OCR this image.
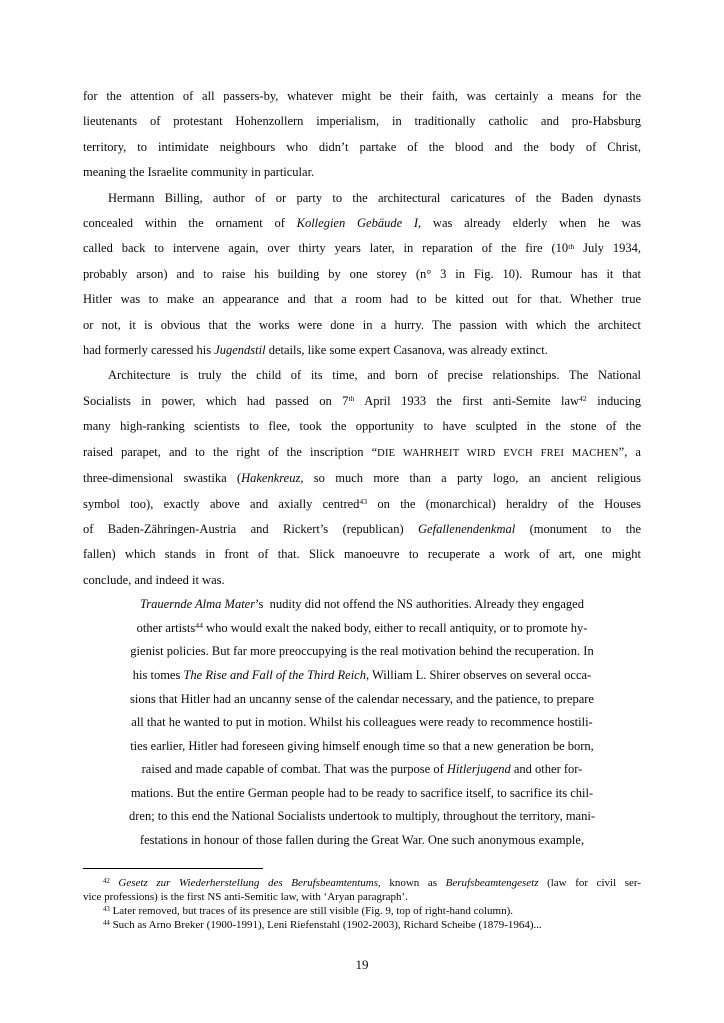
for the attention of all passers-by, whatever might be their faith, was certainly a means for the
lieutenants of protestant Hohenzollern imperialism, in traditionally catholic and pro-Habsburg
territory, to intimidate neighbours who didn’t partake of the blood and the body of Christ,
meaning the Israelite community in particular.
Hermann Billing, author of or party to the architectural caricatures of the Baden dynasts
concealed within the ornament of Kollegien Gebäude I, was already elderly when he was
called back to intervene again, over thirty years later, in reparation of the fire (10th July 1934,
probably arson) and to raise his building by one storey (n° 3 in Fig. 10). Rumour has it that
Hitler was to make an appearance and that a room had to be kitted out for that. Whether true
or not, it is obvious that the works were done in a hurry. The passion with which the architect
had formerly caressed his Jugendstil details, like some expert Casanova, was already extinct.
Architecture is truly the child of its time, and born of precise relationships. The National
Socialists in power, which had passed on 7th April 1933 the first anti-Semite law$^{42}$ inducing
many high-ranking scientists to flee, took the opportunity to have sculpted in the stone of the
raised parapet, and to the right of the inscription “DIE WAHRHEIT WIRD EVCH FREI MACHEN”, a
three-dimensional swastika (Hakenkreuz, so much more than a party logo, an ancient religious
symbol too), exactly above and axially centred$^{43}$ on the (monarchical) heraldry of the Houses
of Baden-Zähringen-Austria and Rickert’s (republican) Gefallenendenkmal (monument to the
fallen) which stands in front of that. Slick manoeuvre to recuperate a work of art, one might
conclude, and indeed it was.
Trauernde Alma Mater’s  nudity did not offend the NS authorities. Already they engaged
other artists$^{44}$ who would exalt the naked body, either to recall antiquity, or to promote hy-
gienist policies. But far more preoccupying is the real motivation behind the recuperation. In
his tomes The Rise and Fall of the Third Reich, William L. Shirer observes on several occa-
sions that Hitler had an uncanny sense of the calendar necessary, and the patience, to prepare
all that he wanted to put in motion. Whilst his colleagues were ready to recommence hostili-
ties earlier, Hitler had foreseen giving himself enough time so that a new generation be born,
raised and made capable of combat. That was the purpose of Hitlerjugend and other for-
mations. But the entire German people had to be ready to sacrifice itself, to sacrifice its chil-
dren; to this end the National Socialists undertook to multiply, throughout the territory, mani-
festations in honour of those fallen during the Great War. One such anonymous example,
$^{42}$ Gesetz zur Wiederherstellung des Berufsbeamtentums, known as Berufsbeamtengesetz (law for civil ser-
vice professions) is the first NS anti-Semitic law, with ‘Aryan paragraph’.
$^{43}$ Later removed, but traces of its presence are still visible (Fig. 9, top of right-hand column).
$^{44}$ Such as Arno Breker (1900-1991), Leni Riefenstahl (1902-2003), Richard Scheibe (1879-1964)...
19
